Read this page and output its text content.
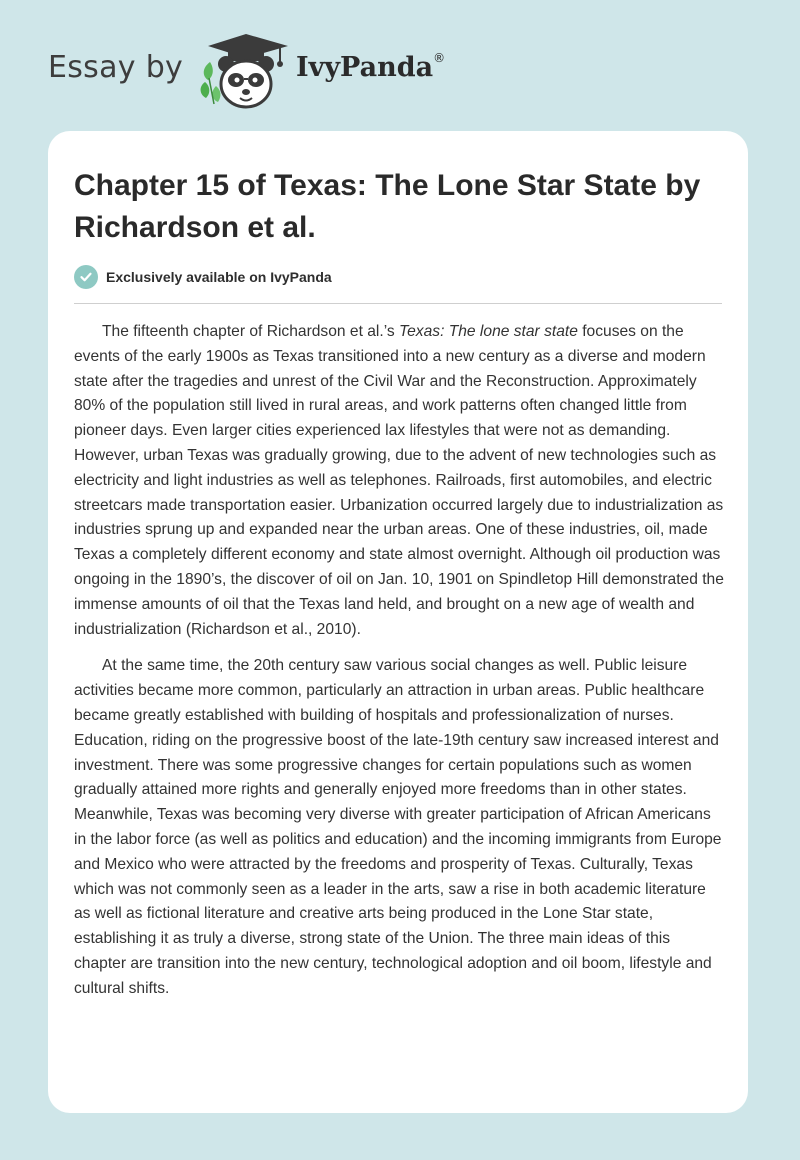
Essay by	IvyPanda®
Chapter 15 of Texas: The Lone Star State by Richardson et al.
Exclusively available on IvyPanda

The fifteenth chapter of Richardson et al.’s Texas: The lone star state focuses on the events of the early 1900s as Texas transitioned into a new century as a diverse and modern state after the tragedies and unrest of the Civil War and the Reconstruction. Approximately 80% of the population still lived in rural areas, and work patterns often changed little from pioneer days. Even larger cities experienced lax lifestyles that were not as demanding. However, urban Texas was gradually growing, due to the advent of new technologies such as electricity and light industries as well as telephones. Railroads, first automobiles, and electric streetcars made transportation easier. Urbanization occurred largely due to industrialization as industries sprung up and expanded near the urban areas. One of these industries, oil, made Texas a completely different economy and state almost overnight. Although oil production was ongoing in the 1890’s, the discover of oil on Jan. 10, 1901 on Spindletop Hill demonstrated the immense amounts of oil that the Texas land held, and brought on a new age of wealth and industrialization (Richardson et al., 2010).

At the same time, the 20th century saw various social changes as well. Public leisure activities became more common, particularly an attraction in urban areas. Public healthcare became greatly established with building of hospitals and professionalization of nurses. Education, riding on the progressive boost of the late-19th century saw increased interest and investment. There was some progressive changes for certain populations such as women gradually attained more rights and generally enjoyed more freedoms than in other states. Meanwhile, Texas was becoming very diverse with greater participation of African Americans in the labor force (as well as politics and education) and the incoming immigrants from Europe and Mexico who were attracted by the freedoms and prosperity of Texas. Culturally, Texas which was not commonly seen as a leader in the arts, saw a rise in both academic literature as well as fictional literature and creative arts being produced in the Lone Star state, establishing it as truly a diverse, strong state of the Union. The three main ideas of this chapter are transition into the new century, technological adoption and oil boom, lifestyle and cultural shifts.
